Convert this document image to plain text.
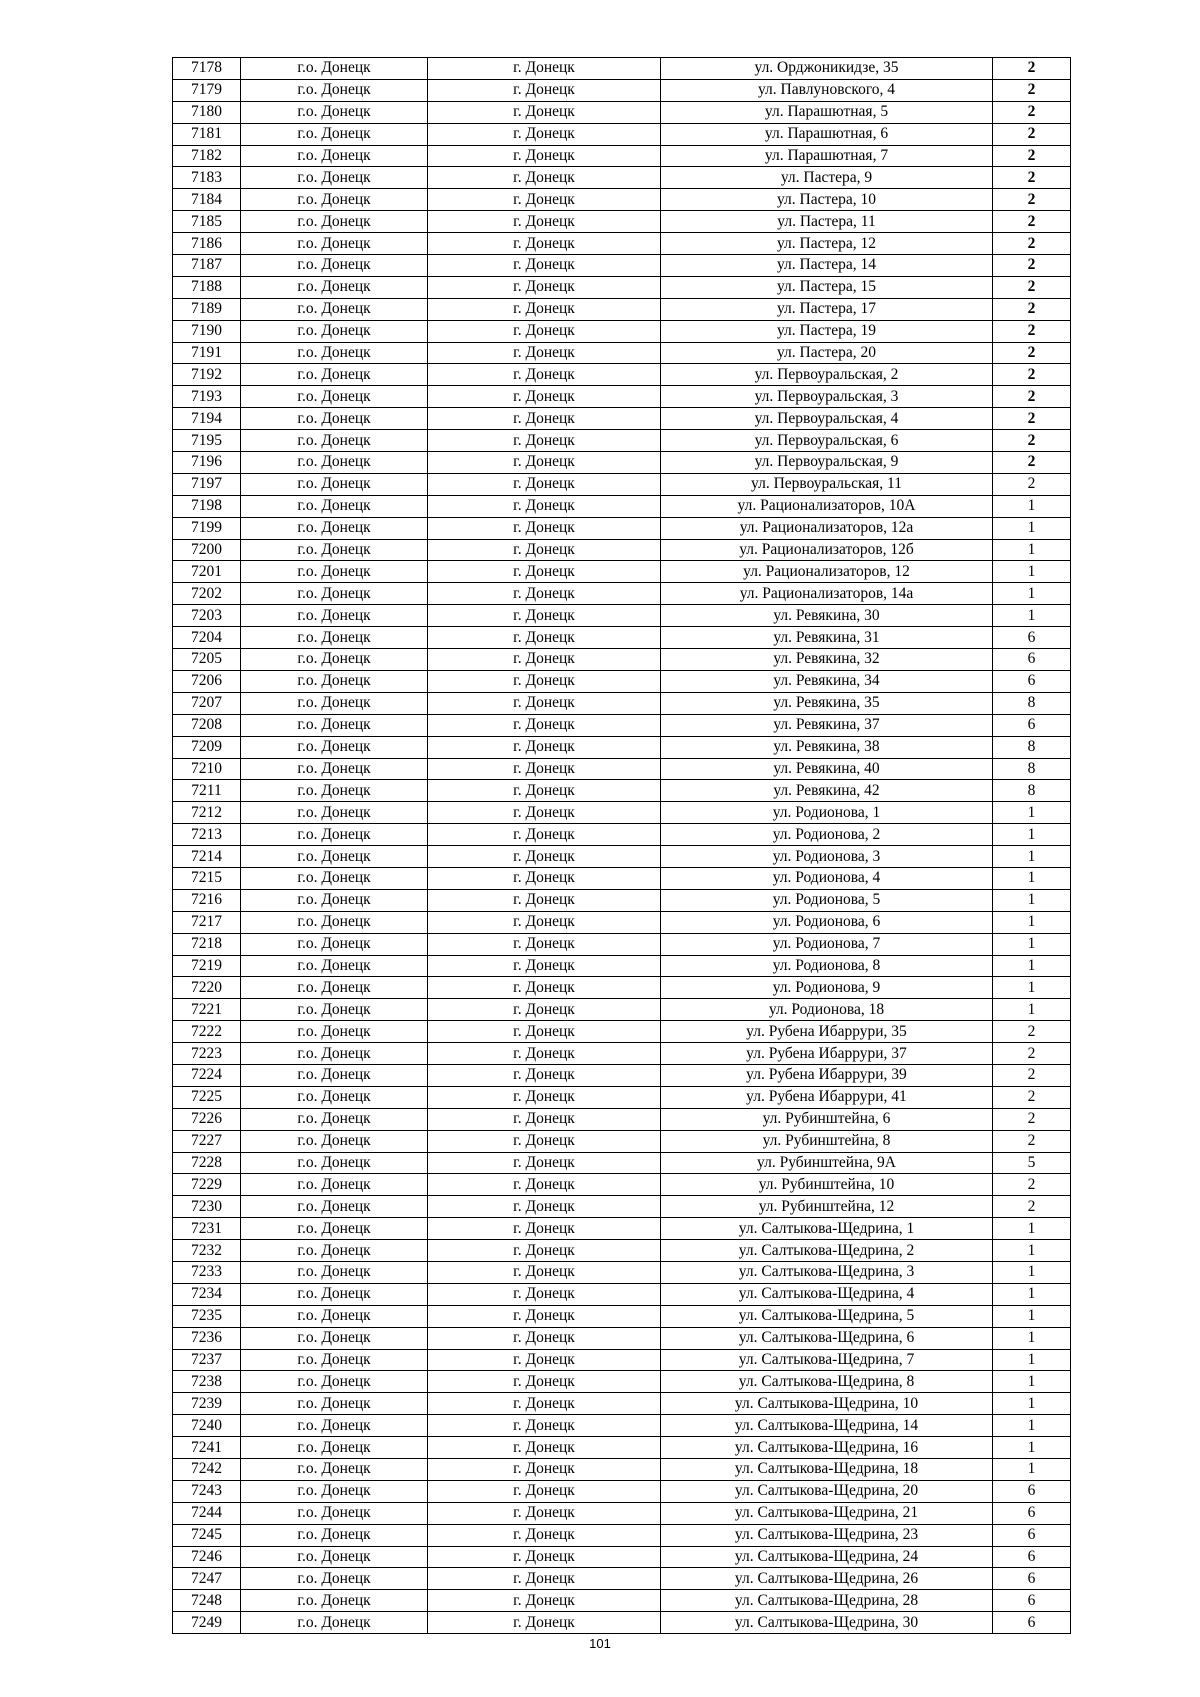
7178	г.о. Донецк	г. Донецк	ул. Орджоникидзе, 35	2
7179	г.о. Донецк	г. Донецк	ул. Павлуновского, 4	2
7180	г.о. Донецк	г. Донецк	ул. Парашютная, 5	2
7181	г.о. Донецк	г. Донецк	ул. Парашютная, 6	2
7182	г.о. Донецк	г. Донецк	ул. Парашютная, 7	2
7183	г.о. Донецк	г. Донецк	ул. Пастера, 9	2
7184	г.о. Донецк	г. Донецк	ул. Пастера, 10	2
7185	г.о. Донецк	г. Донецк	ул. Пастера, 11	2
7186	г.о. Донецк	г. Донецк	ул. Пастера, 12	2
7187	г.о. Донецк	г. Донецк	ул. Пастера, 14	2
7188	г.о. Донецк	г. Донецк	ул. Пастера, 15	2
7189	г.о. Донецк	г. Донецк	ул. Пастера, 17	2
7190	г.о. Донецк	г. Донецк	ул. Пастера, 19	2
7191	г.о. Донецк	г. Донецк	ул. Пастера, 20	2
7192	г.о. Донецк	г. Донецк	ул. Первоуральская, 2	2
7193	г.о. Донецк	г. Донецк	ул. Первоуральская, 3	2
7194	г.о. Донецк	г. Донецк	ул. Первоуральская, 4	2
7195	г.о. Донецк	г. Донецк	ул. Первоуральская, 6	2
7196	г.о. Донецк	г. Донецк	ул. Первоуральская, 9	2
7197	г.о. Донецк	г. Донецк	ул. Первоуральская, 11	2
7198	г.о. Донецк	г. Донецк	ул. Рационализаторов, 10А	1
7199	г.о. Донецк	г. Донецк	ул. Рационализаторов, 12а	1
7200	г.о. Донецк	г. Донецк	ул. Рационализаторов, 12б	1
7201	г.о. Донецк	г. Донецк	ул. Рационализаторов, 12	1
7202	г.о. Донецк	г. Донецк	ул. Рационализаторов, 14а	1
7203	г.о. Донецк	г. Донецк	ул. Ревякина, 30	1
7204	г.о. Донецк	г. Донецк	ул. Ревякина, 31	6
7205	г.о. Донецк	г. Донецк	ул. Ревякина, 32	6
7206	г.о. Донецк	г. Донецк	ул. Ревякина, 34	6
7207	г.о. Донецк	г. Донецк	ул. Ревякина, 35	8
7208	г.о. Донецк	г. Донецк	ул. Ревякина, 37	6
7209	г.о. Донецк	г. Донецк	ул. Ревякина, 38	8
7210	г.о. Донецк	г. Донецк	ул. Ревякина, 40	8
7211	г.о. Донецк	г. Донецк	ул. Ревякина, 42	8
7212	г.о. Донецк	г. Донецк	ул. Родионова, 1	1
7213	г.о. Донецк	г. Донецк	ул. Родионова, 2	1
7214	г.о. Донецк	г. Донецк	ул. Родионова, 3	1
7215	г.о. Донецк	г. Донецк	ул. Родионова, 4	1
7216	г.о. Донецк	г. Донецк	ул. Родионова, 5	1
7217	г.о. Донецк	г. Донецк	ул. Родионова, 6	1
7218	г.о. Донецк	г. Донецк	ул. Родионова, 7	1
7219	г.о. Донецк	г. Донецк	ул. Родионова, 8	1
7220	г.о. Донецк	г. Донецк	ул. Родионова, 9	1
7221	г.о. Донецк	г. Донецк	ул. Родионова, 18	1
7222	г.о. Донецк	г. Донецк	ул. Рубена Ибаррури, 35	2
7223	г.о. Донецк	г. Донецк	ул. Рубена Ибаррури, 37	2
7224	г.о. Донецк	г. Донецк	ул. Рубена Ибаррури, 39	2
7225	г.о. Донецк	г. Донецк	ул. Рубена Ибаррури, 41	2
7226	г.о. Донецк	г. Донецк	ул. Рубинштейна, 6	2
7227	г.о. Донецк	г. Донецк	ул. Рубинштейна, 8	2
7228	г.о. Донецк	г. Донецк	ул. Рубинштейна, 9А	5
7229	г.о. Донецк	г. Донецк	ул. Рубинштейна, 10	2
7230	г.о. Донецк	г. Донецк	ул. Рубинштейна, 12	2
7231	г.о. Донецк	г. Донецк	ул. Салтыкова-Щедрина, 1	1
7232	г.о. Донецк	г. Донецк	ул. Салтыкова-Щедрина, 2	1
7233	г.о. Донецк	г. Донецк	ул. Салтыкова-Щедрина, 3	1
7234	г.о. Донецк	г. Донецк	ул. Салтыкова-Щедрина, 4	1
7235	г.о. Донецк	г. Донецк	ул. Салтыкова-Щедрина, 5	1
7236	г.о. Донецк	г. Донецк	ул. Салтыкова-Щедрина, 6	1
7237	г.о. Донецк	г. Донецк	ул. Салтыкова-Щедрина, 7	1
7238	г.о. Донецк	г. Донецк	ул. Салтыкова-Щедрина, 8	1
7239	г.о. Донецк	г. Донецк	ул. Салтыкова-Щедрина, 10	1
7240	г.о. Донецк	г. Донецк	ул. Салтыкова-Щедрина, 14	1
7241	г.о. Донецк	г. Донецк	ул. Салтыкова-Щедрина, 16	1
7242	г.о. Донецк	г. Донецк	ул. Салтыкова-Щедрина, 18	1
7243	г.о. Донецк	г. Донецк	ул. Салтыкова-Щедрина, 20	6
7244	г.о. Донецк	г. Донецк	ул. Салтыкова-Щедрина, 21	6
7245	г.о. Донецк	г. Донецк	ул. Салтыкова-Щедрина, 23	6
7246	г.о. Донецк	г. Донецк	ул. Салтыкова-Щедрина, 24	6
7247	г.о. Донецк	г. Донецк	ул. Салтыкова-Щедрина, 26	6
7248	г.о. Донецк	г. Донецк	ул. Салтыкова-Щедрина, 28	6
7249	г.о. Донецк	г. Донецк	ул. Салтыкова-Щедрина, 30	6
101
